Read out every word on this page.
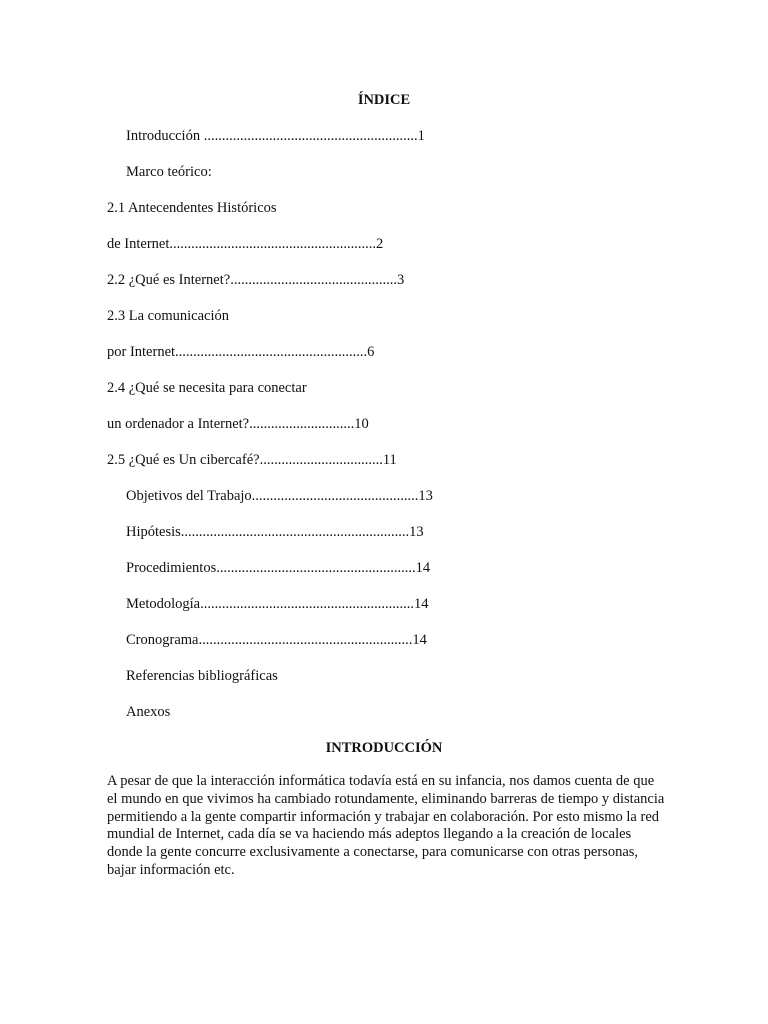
ÍNDICE
Introducción ...........................................................1
Marco teórico:
2.1 Antecendentes Históricos
de Internet.........................................................2
2.2 ¿Qué es Internet?..............................................3
2.3 La comunicación
por Internet.....................................................6
2.4 ¿Qué se necesita para conectar
un ordenador a Internet?.............................10
2.5 ¿Qué es Un cibercafé?..................................11
Objetivos del Trabajo..............................................13
Hipótesis...............................................................13
Procedimientos.......................................................14
Metodología...........................................................14
Cronograma...........................................................14
Referencias bibliográficas
Anexos
INTRODUCCIÓN

A pesar de que la interacción informática todavía está en su infancia, nos damos cuenta de que el mundo en que vivimos ha cambiado rotundamente, eliminando barreras de tiempo y distancia permitiendo a la gente compartir información y trabajar en colaboración. Por esto mismo la red mundial de Internet, cada día se va haciendo más adeptos llegando a la creación de locales donde la gente concurre exclusivamente a conectarse, para comunicarse con otras personas, bajar información etc.
